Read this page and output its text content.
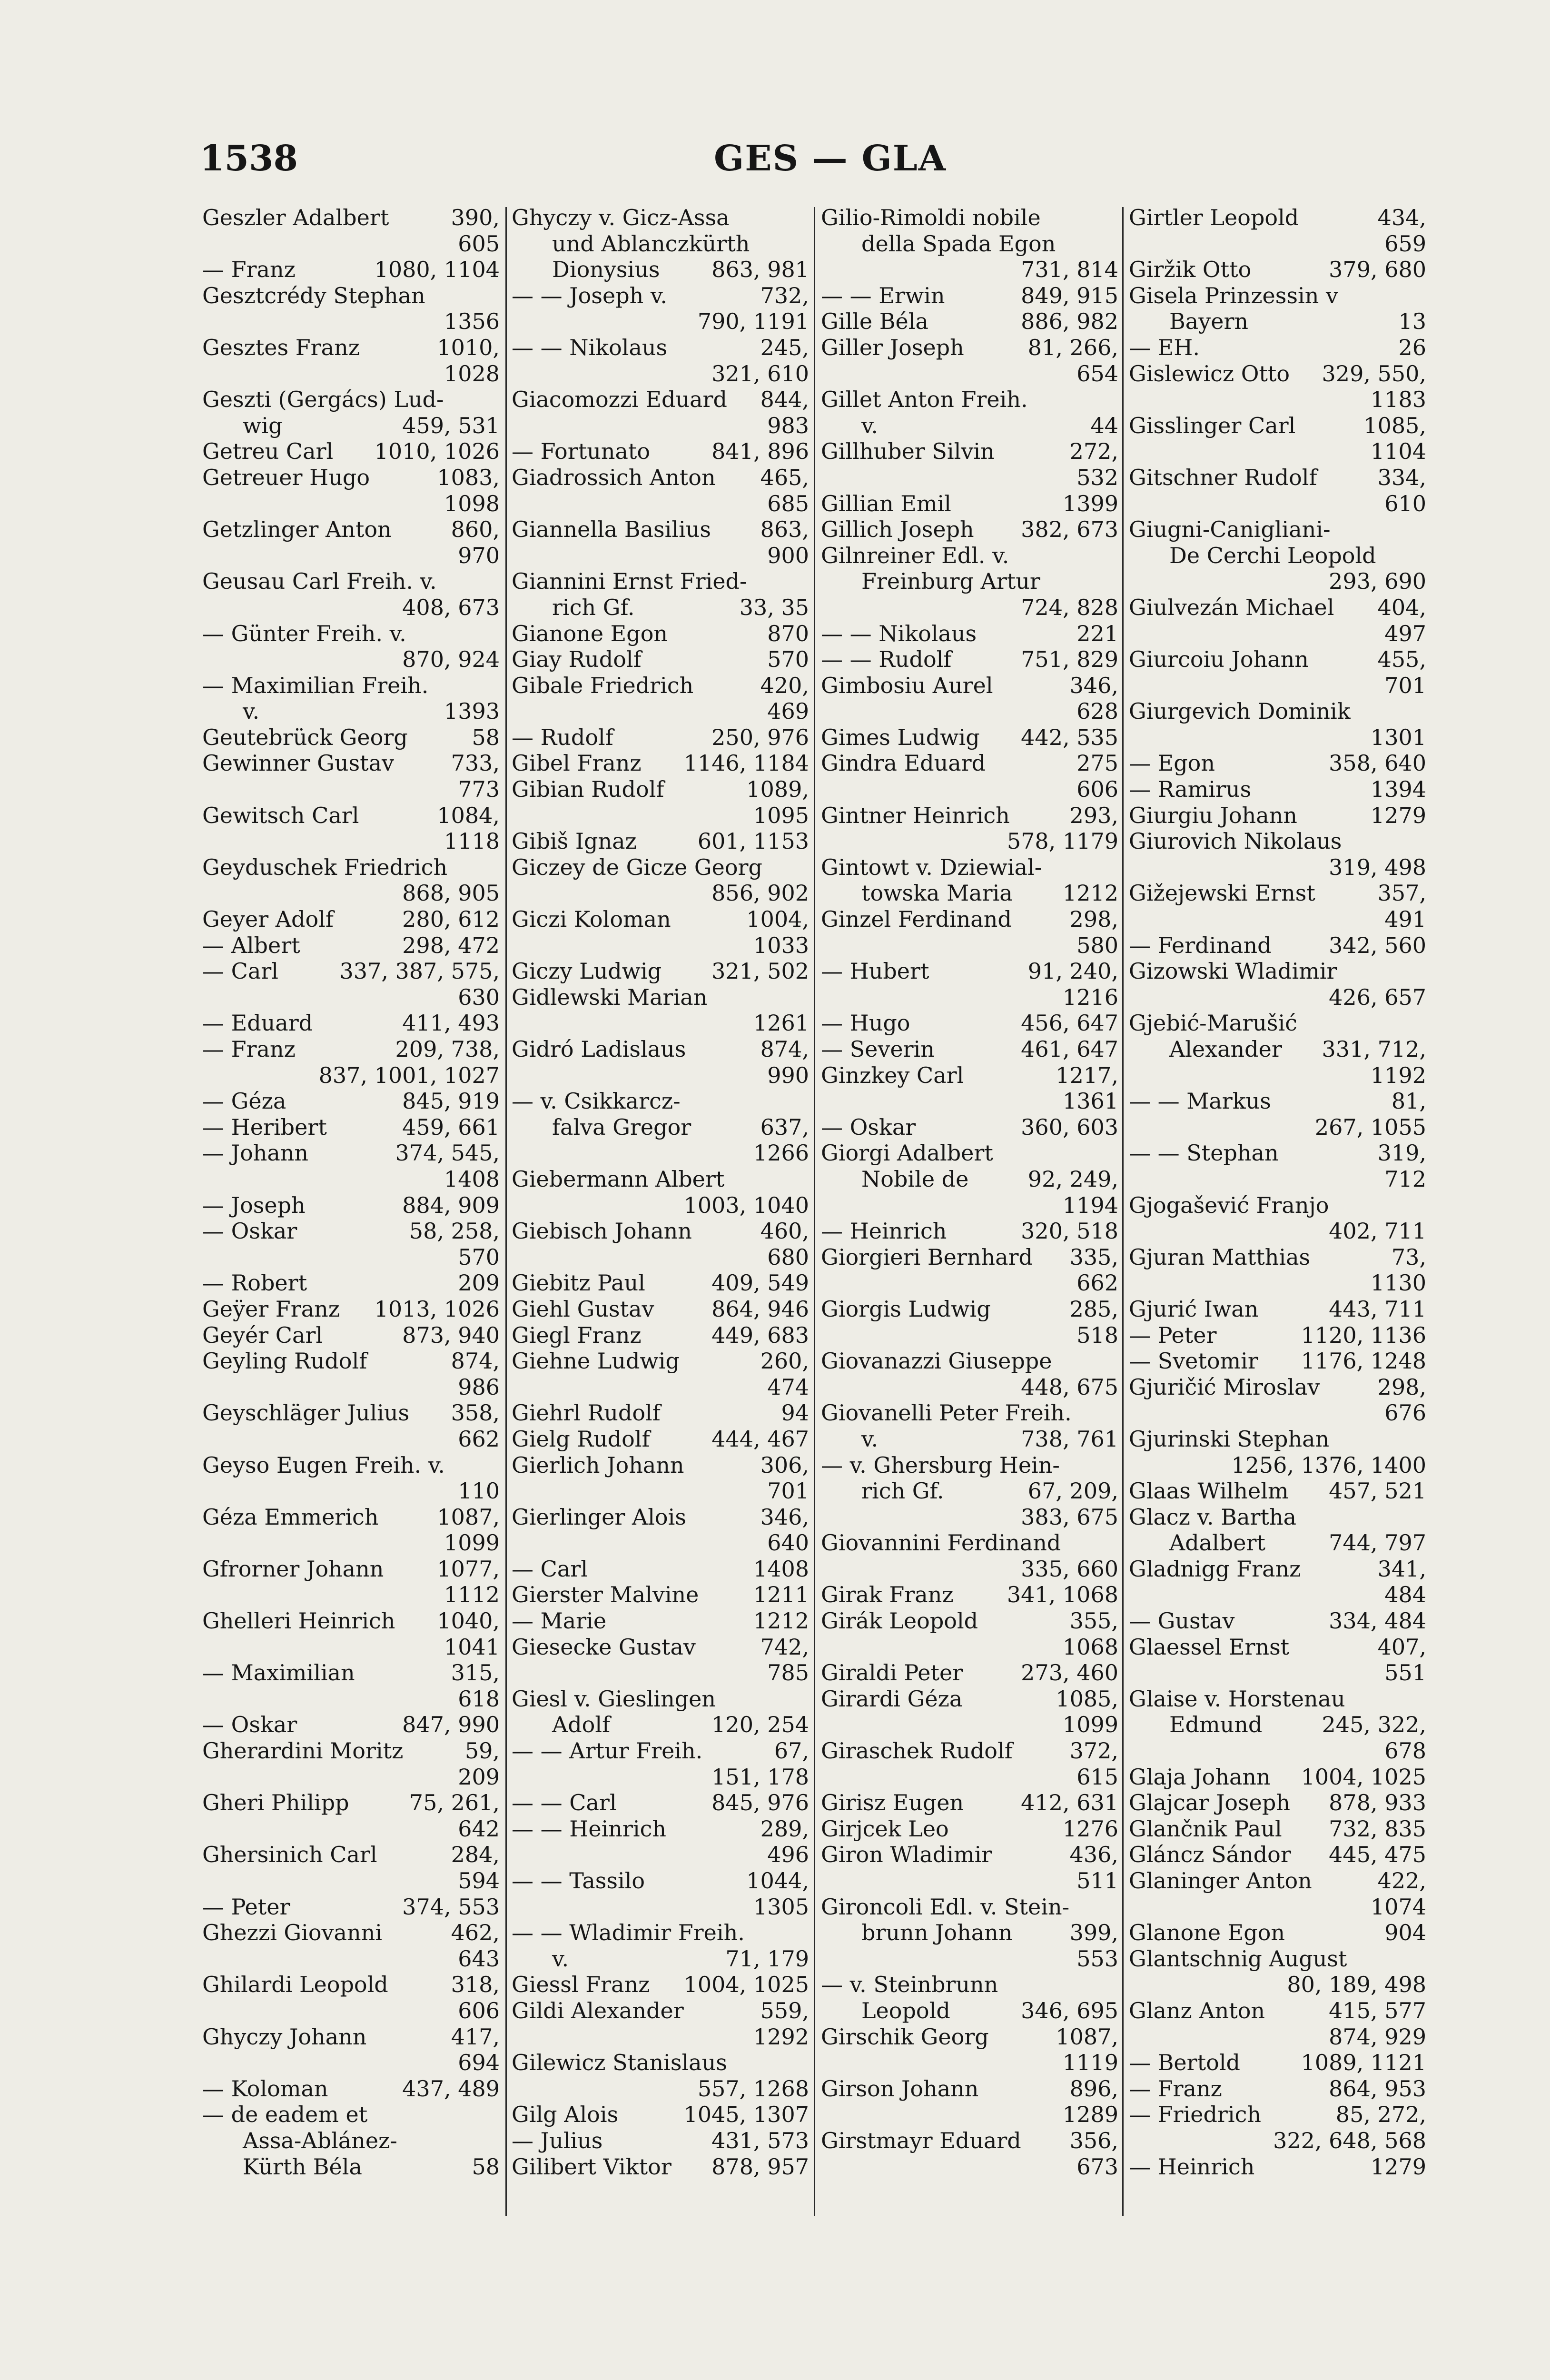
1538	GES — GLA
Geszler Adalbert	390,
605
— Franz	1080, 1104
Gesztcrédy Stephan
1356
Gesztes Franz	1010,
1028
Geszti (Gergács) Lud-
wig	459, 531
Getreu Carl 1010, 1026
Getreuer Hugo	1083,
1098
Getzlinger Anton	860,
970
Geusau Carl Freih. v.
408, 673
— Günter Freih. v.
870, 924
— Maximilian Freih.
v.	1393
Geutebrück Georg	58
Gewinner Gustav	733,
773
Gewitsch Carl	1084,
1118
Geyduschek Friedrich
868, 905
Geyer Adolf	280, 612
— Albert	298, 472
— Carl	337, 387, 575,
630
— Eduard	411, 493
— Franz	209, 738,
837, 1001, 1027
— Géza	845, 919
— Heribert	459, 661
— Johann	374, 545,
1408
— Joseph	884, 909
— Oskar	58, 258,
570
— Robert	209
Geÿer Franz 1013, 1026
Geyér Carl	873, 940
Geyling Rudolf	874,
986
Geyschläger Julius 358,
662
Geyso Eugen Freih. v.
110
Géza Emmerich	1087,
1099
Gfrorner Johann 1077,
1112
Ghelleri Heinrich 1040,
1041
— Maximilian	315,
618
— Oskar	847, 990
Gherardini Moritz	59,
209
Gheri Philipp	75, 261,
642
Ghersinich Carl	284,
594
— Peter	374, 553
Ghezzi Giovanni	462,
643
Ghilardi Leopold	318,
606
Ghyczy Johann	417,
694
— Koloman	437, 489
— de eadem et
Assa-Ablánez-
Kürth Béla	58
Ghyczy v. Gicz-Assa
und Ablanczkürth
Dionysius 863, 981
— — Joseph v.	732,
790, 1191
— — Nikolaus	245,
321, 610
Giacomozzi Eduard 844,
983
— Fortunato	841, 896
Giadrossich Anton 465,
685
Giannella Basilius 863,
900
Giannini Ernst Fried-
rich Gf.	33, 35
Gianone Egon	870
Giay Rudolf	570
Gibale Friedrich	420,
469
— Rudolf	250, 976
Gibel Franz 1146, 1184
Gibian Rudolf	1089,
1095
Gibiš Ignaz	601, 1153
Giczey de Gicze Georg
856, 902
Giczi Koloman	1004,
1033
Giczy Ludwig 321, 502
Gidlewski Marian
1261
Gidró Ladislaus	874,
990
— v. Csikkarcz-
falva Gregor	637,
1266
Giebermann Albert
1003, 1040
Giebisch Johann	460,
680
Giebitz Paul	409, 549
Giehl Gustav	864, 946
Giegl Franz	449, 683
Giehne Ludwig	260,
474
Giehrl Rudolf	94
Gielg Rudolf	444, 467
Gierlich Johann	306,
701
Gierlinger Alois	346,
640
— Carl	1408
Gierster Malvine 1211
— Marie	1212
Giesecke Gustav	742,
785
Giesl v. Gieslingen
Adolf	120, 254
— — Artur Freih.	67,
151, 178
— — Carl	845, 976
— — Heinrich	289,
496
— — Tassilo	1044,
1305
— — Wladimir Freih.
v.	71, 179
Giessl Franz 1004, 1025
Gildi Alexander	559,
1292
Gilewicz Stanislaus
557, 1268
Gilg Alois	1045, 1307
— Julius	431, 573
Gilibert Viktor 878, 957
Gilio-Rimoldi nobile
della Spada Egon
731, 814
— — Erwin	849, 915
Gille Béla	886, 982
Giller Joseph	81, 266,
654
Gillet Anton Freih.
v.	44
Gillhuber Silvin	272,
532
Gillian Emil	1399
Gillich Joseph 382, 673
Gilnreiner Edl. v.
Freinburg Artur
724, 828
— — Nikolaus	221
— — Rudolf	751, 829
Gimbosiu Aurel	346,
628
Gimes Ludwig 442, 535
Gindra Eduard	275
606
Gintner Heinrich	293,
578, 1179
Gintowt v. Dziewial-
towska Maria 1212
Ginzel Ferdinand	298,
580
— Hubert	91, 240,
1216
— Hugo	456, 647
— Severin	461, 647
Ginzkey Carl	1217,
1361
— Oskar	360, 603
Giorgi Adalbert
Nobile de	92, 249,
1194
— Heinrich	320, 518
Giorgieri Bernhard 335,
662
Giorgis Ludwig	285,
518
Giovanazzi Giuseppe
448, 675
Giovanelli Peter Freih.
v.	738, 761
— v. Ghersburg Hein-
rich Gf.	67, 209,
383, 675
Giovannini Ferdinand
335, 660
Girak Franz 341, 1068
Girák Leopold	355,
1068
Giraldi Peter	273, 460
Girardi Géza	1085,
1099
Giraschek Rudolf	372,
615
Girisz Eugen	412, 631
Girjcek Leo	1276
Giron Wladimir	436,
511
Gironcoli Edl. v. Stein-
brunn Johann	399,
553
— v. Steinbrunn
Leopold	346, 695
Girschik Georg	1087,
1119
Girson Johann	896,
1289
Girstmayr Eduard 356,
673
Girtler Leopold	434,
659
Giržik Otto	379, 680
Gisela Prinzessin v
Bayern	13
— EH.	26
Gislewicz Otto 329, 550,
1183
Gisslinger Carl	1085,
1104
Gitschner Rudolf	334,
610
Giugni-Canigliani-
De Cerchi Leopold
293, 690
Giulvezán Michael 404,
497
Giurcoiu Johann	455,
701
Giurgevich Dominik
1301
— Egon	358, 640
— Ramirus	1394
Giurgiu Johann	1279
Giurovich Nikolaus
319, 498
Gižejewski Ernst	357,
491
— Ferdinand	342, 560
Gizowski Wladimir
426, 657
Gjebić-Marušić
Alexander 331, 712,
1192
— — Markus	81,
267, 1055
— — Stephan	319,
712
Gjogašević Franjo
402, 711
Gjuran Matthias	73,
1130
Gjurić Iwan	443, 711
— Peter	1120, 1136
— Svetomir 1176, 1248
Gjuričić Miroslav	298,
676
Gjurinski Stephan
1256, 1376, 1400
Glaas Wilhelm 457, 521
Glacz v. Bartha
Adalbert	744, 797
Gladnigg Franz	341,
484
— Gustav	334, 484
Glaessel Ernst	407,
551
Glaise v. Horstenau
Edmund	245, 322,
678
Glaja Johann 1004, 1025
Glajcar Joseph 878, 933
Glančnik Paul 732, 835
Gláncz Sándor 445, 475
Glaninger Anton	422,
1074
Glanone Egon	904
Glantschnig August
80, 189, 498
Glanz Anton	415, 577
874, 929
— Bertold	1089, 1121
— Franz	864, 953
— Friedrich	85, 272,
322, 648, 568
— Heinrich	1279
